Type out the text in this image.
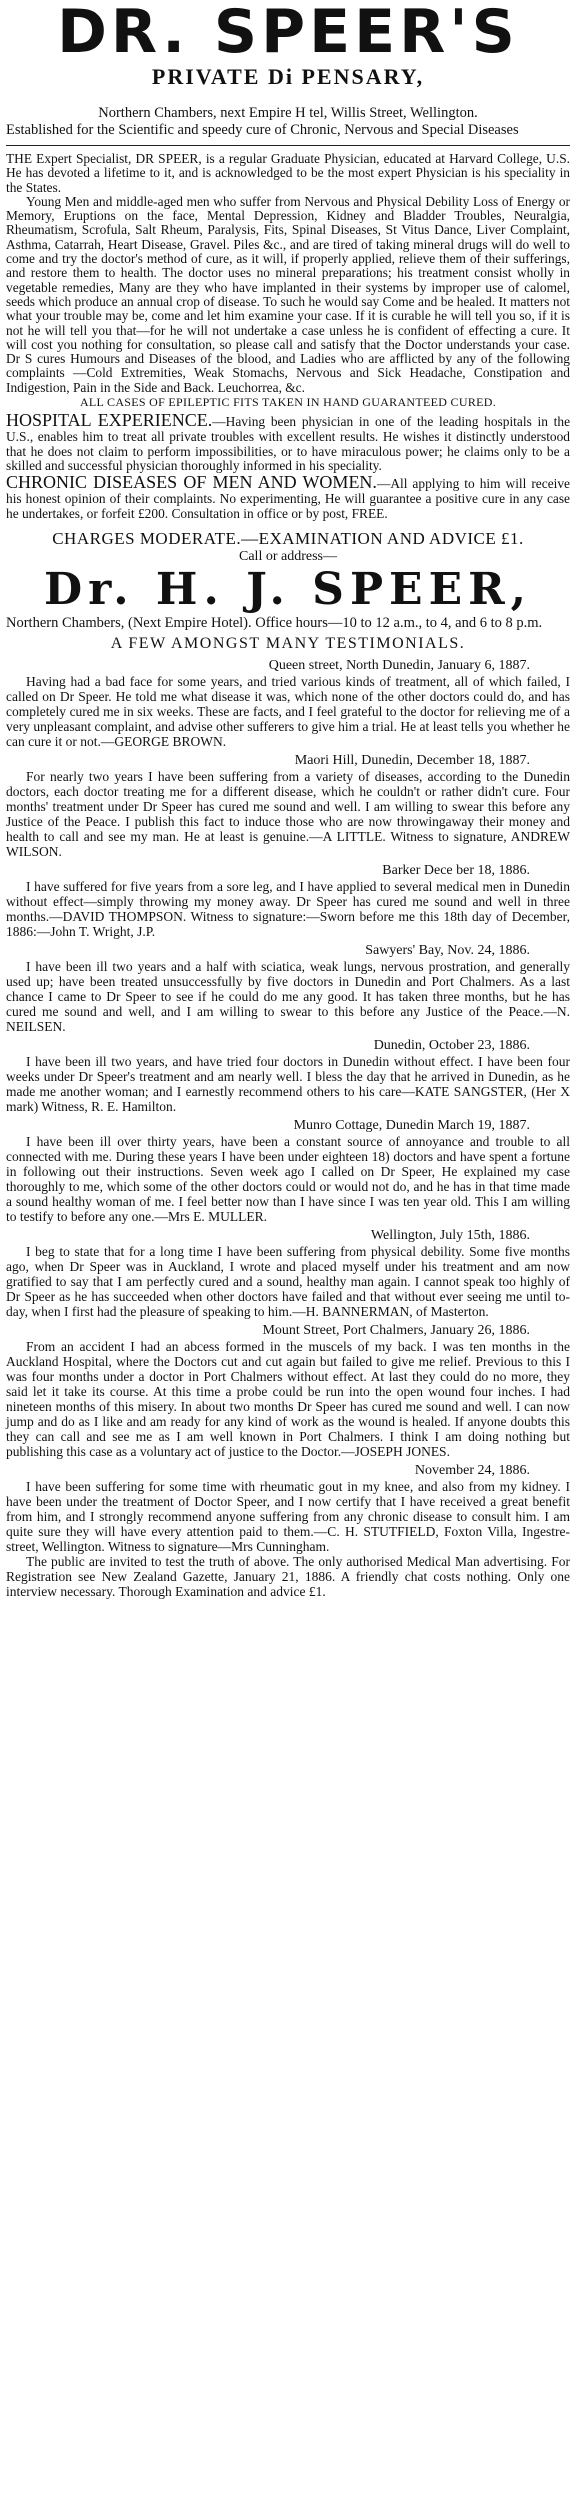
DR. SPEER'S
PRIVATE Di PENSARY,
Northern Chambers, next Empire H tel, Willis Street, Wellington.
Established for the Scientific and speedy cure of Chronic, Nervous and Special Diseases

THE Expert Specialist, DR SPEER, is a regular Graduate Physician, educated at Harvard College, U.S. He has devoted a lifetime to it, and is acknowledged to be the most expert Physician is his speciality in the States.

Young Men and middle-aged men who suffer from Nervous and Physical Debility Loss of Energy or Memory, Eruptions on the face, Mental Depression, Kidney and Bladder Troubles, Neuralgia, Rheumatism, Scrofula, Salt Rheum, Paralysis, Fits, Spinal Diseases, St Vitus Dance, Liver Complaint, Asthma, Catarrah, Heart Disease, Gravel. Piles &c., and are tired of taking mineral drugs will do well to come and try the doctor's method of cure, as it will, if properly applied, relieve them of their sufferings, and restore them to health. The doctor uses no mineral preparations; his treatment consist wholly in vegetable remedies, Many are they who have implanted in their systems by improper use of calomel, seeds which produce an annual crop of disease. To such he would say Come and be healed. It matters not what your trouble may be, come and let him examine your case. If it is curable he will tell you so, if it is not he will tell you that—for he will not undertake a case unless he is confident of effecting a cure. It will cost you nothing for consultation, so please call and satisfy that the Doctor understands your case. Dr S cures Humours and Diseases of the blood, and Ladies who are afflicted by any of the following complaints —Cold Extremities, Weak Stomachs, Nervous and Sick Headache, Constipation and Indigestion, Pain in the Side and Back. Leuchorrea, &c.

ALL CASES OF EPILEPTIC FITS TAKEN IN HAND GUARANTEED CURED.

HOSPITAL EXPERIENCE.—Having been physician in one of the leading hospitals in the U.S., enables him to treat all private troubles with excellent results. He wishes it distinctly understood that he does not claim to perform impossibilities, or to have miraculous power; he claims only to be a skilled and successful physician thoroughly informed in his speciality.

CHRONIC DISEASES OF MEN AND WOMEN.—All applying to him will receive his honest opinion of their complaints. No experimenting, He will guarantee a positive cure in any case he undertakes, or forfeit £200. Consultation in office or by post, FREE.

CHARGES MODERATE.—EXAMINATION AND ADVICE £1.
Call or address—
Dr. H. J. SPEER,

Northern Chambers, (Next Empire Hotel). Office hours—10 to 12 a.m., to 4, and 6 to 8 p.m.

A FEW AMONGST MANY TESTIMONIALS.
Queen street, North Dunedin, January 6, 1887.

Having had a bad face for some years, and tried various kinds of treatment, all of which failed, I called on Dr Speer. He told me what disease it was, which none of the other doctors could do, and has completely cured me in six weeks. These are facts, and I feel grateful to the doctor for relieving me of a very unpleasant complaint, and advise other sufferers to give him a trial. He at least tells you whether he can cure it or not.—GEORGE BROWN.

Maori Hill, Dunedin, December 18, 1887.

For nearly two years I have been suffering from a variety of diseases, according to the Dunedin doctors, each doctor treating me for a different disease, which he couldn't or rather didn't cure. Four months' treatment under Dr Speer has cured me sound and well. I am willing to swear this before any Justice of the Peace. I publish this fact to induce those who are now throwingaway their money and health to call and see my man. He at least is genuine.—A LITTLE. Witness to signature, ANDREW WILSON.

Barker Dece ber 18, 1886.

I have suffered for five years from a sore leg, and I have applied to several medical men in Dunedin without effect—simply throwing my money away. Dr Speer has cured me sound and well in three months.—DAVID THOMPSON. Witness to signature:—Sworn before me this 18th day of December, 1886:—John T. Wright, J.P.

Sawyers' Bay, Nov. 24, 1886.

I have been ill two years and a half with sciatica, weak lungs, nervous prostration, and generally used up; have been treated unsuccessfully by five doctors in Dunedin and Port Chalmers. As a last chance I came to Dr Speer to see if he could do me any good. It has taken three months, but he has cured me sound and well, and I am willing to swear to this before any Justice of the Peace.—N. NEILSEN.

Dunedin, October 23, 1886.

I have been ill two years, and have tried four doctors in Dunedin without effect. I have been four weeks under Dr Speer's treatment and am nearly well. I bless the day that he arrived in Dunedin, as he made me another woman; and I earnestly recommend others to his care—KATE SANGSTER, (Her X mark) Witness, R. E. Hamilton.

Munro Cottage, Dunedin March 19, 1887.

I have been ill over thirty years, have been a constant source of annoyance and trouble to all connected with me. During these years I have been under eighteen 18) doctors and have spent a fortune in following out their instructions. Seven week ago I called on Dr Speer, He explained my case thoroughly to me, which some of the other doctors could or would not do, and he has in that time made a sound healthy woman of me. I feel better now than I have since I was ten year old. This I am willing to testify to before any one.—Mrs E. MULLER.

Wellington, July 15th, 1886.

I beg to state that for a long time I have been suffering from physical debility. Some five months ago, when Dr Speer was in Auckland, I wrote and placed myself under his treatment and am now gratified to say that I am perfectly cured and a sound, healthy man again. I cannot speak too highly of Dr Speer as he has succeeded when other doctors have failed and that without ever seeing me until to-day, when I first had the pleasure of speaking to him.—H. BANNERMAN, of Masterton.

Mount Street, Port Chalmers, January 26, 1886.

From an accident I had an abcess formed in the muscels of my back. I was ten months in the Auckland Hospital, where the Doctors cut and cut again but failed to give me relief. Previous to this I was four months under a doctor in Port Chalmers without effect. At last they could do no more, they said let it take its course. At this time a probe could be run into the open wound four inches. I had nineteen months of this misery. In about two months Dr Speer has cured me sound and well. I can now jump and do as I like and am ready for any kind of work as the wound is healed. If anyone doubts this they can call and see me as I am well known in Port Chalmers. I think I am doing nothing but publishing this case as a voluntary act of justice to the Doctor.—JOSEPH JONES.

November 24, 1886.

I have been suffering for some time with rheumatic gout in my knee, and also from my kidney. I have been under the treatment of Doctor Speer, and I now certify that I have received a great benefit from him, and I strongly recommend anyone suffering from any chronic disease to consult him. I am quite sure they will have every attention paid to them.—C. H. STUTFIELD, Foxton Villa, Ingestre-street, Wellington. Witness to signature—Mrs Cunningham.

The public are invited to test the truth of above. The only authorised Medical Man advertising. For Registration see New Zealand Gazette, January 21, 1886. A friendly chat costs nothing. Only one interview necessary. Thorough Examination and advice £1.
